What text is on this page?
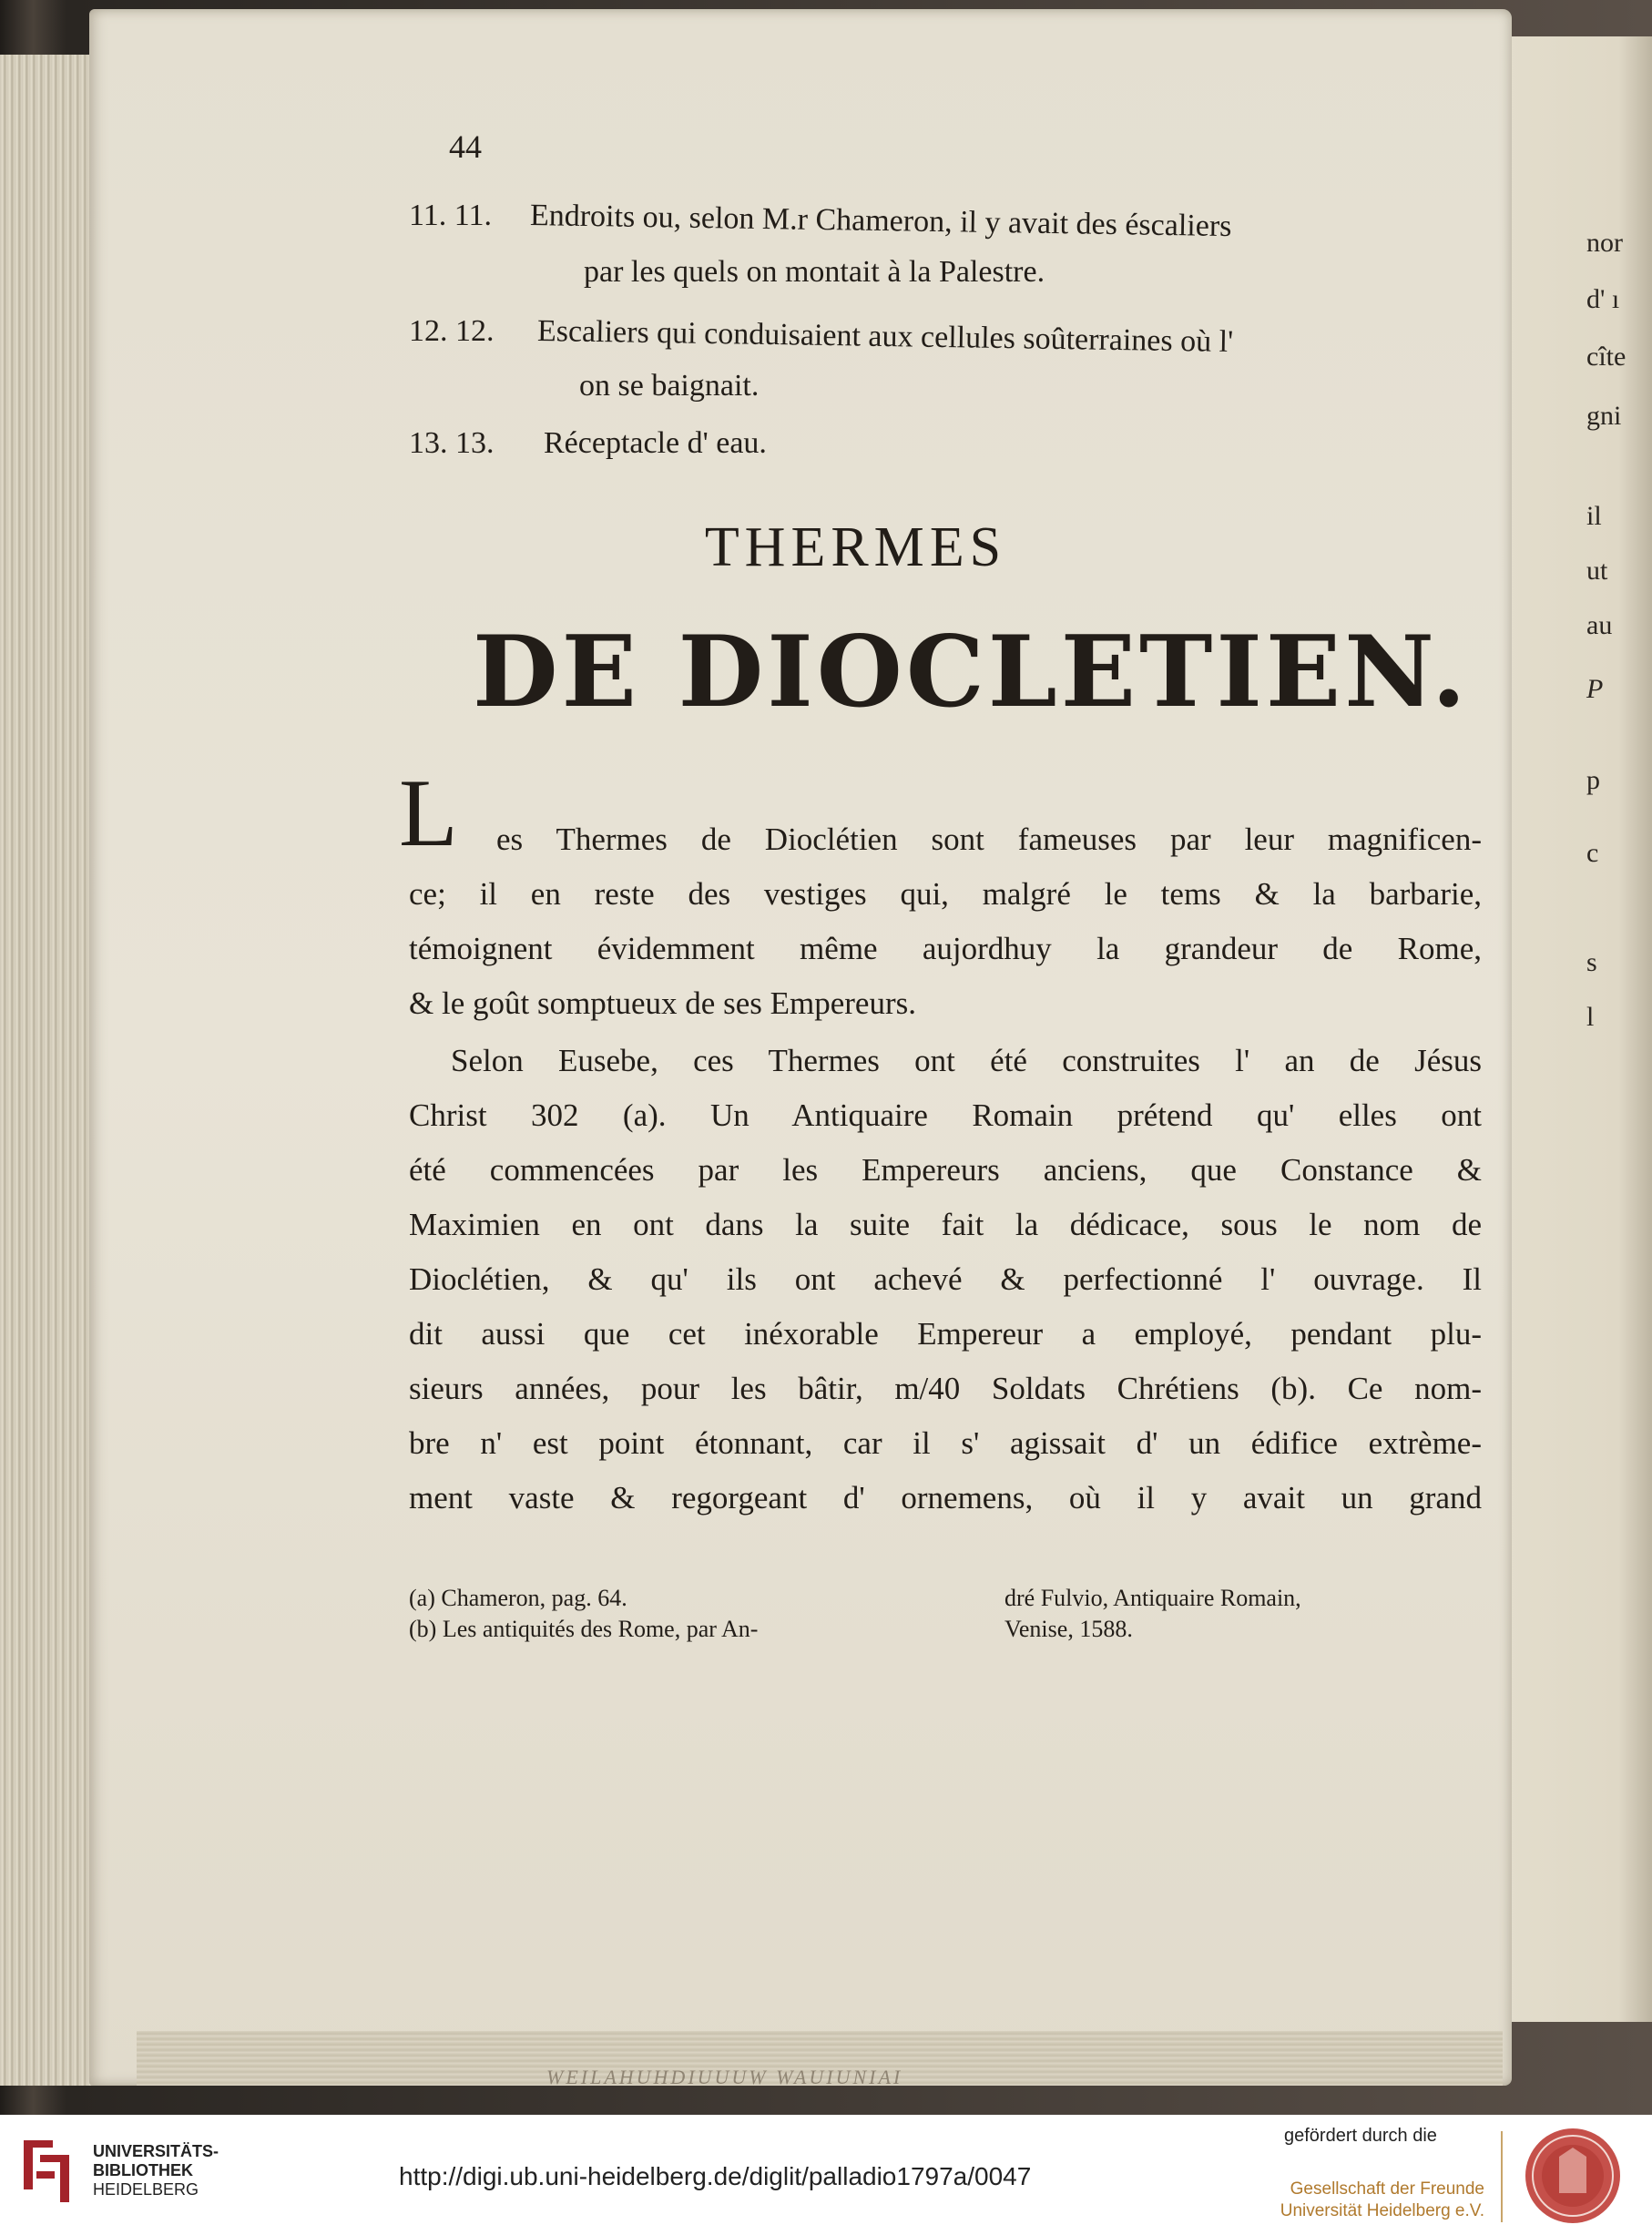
nor
d' ı
cîte
gni
il
ut
au
P
p
c
s
l
WEILAHUHDIUUUW WAUIUNIAI
44
11. 11. Endroits ou, selon M.r Chameron, il y avait des éscaliers
par les quels on montait à la Palestre.
12. 12. Escaliers qui conduisaient aux cellules soûterraines où l'
on se baignait.
13. 13. Réceptacle d' eau.
THERMES
DE DIOCLETIEN.
L es Thermes de Dioclétien sont fameuses par leur magnificen-
ce; il en reste des vestiges qui, malgré le tems & la barbarie,
témoignent évidemment même aujordhuy la grandeur de Rome,
& le goût somptueux de ses Empereurs.
Selon Eusebe, ces Thermes ont été construites l' an de Jésus
Christ 302 (a). Un Antiquaire Romain prétend qu' elles ont
été commencées par les Empereurs anciens, que Constance &
Maximien en ont dans la suite fait la dédicace, sous le nom de
Dioclétien, & qu' ils ont achevé & perfectionné l' ouvrage. Il
dit aussi que cet inéxorable Empereur a employé, pendant plu-
sieurs années, pour les bâtir, m/40 Soldats Chrétiens (b). Ce nom-
bre n' est point étonnant, car il s' agissait d' un édifice extrème-
ment vaste & regorgeant d' ornemens, où il y avait un grand
(a) Chameron, pag. 64.
(b) Les antiquités des Rome, par An-
dré Fulvio, Antiquaire Romain,
Venise, 1588.
UNIVERSITÄTS-
BIBLIOTHEK
HEIDELBERG	http://digi.ub.uni-heidelberg.de/diglit/palladio1797a/0047
gefördert durch die
Gesellschaft der Freunde
Universität Heidelberg e.V.
